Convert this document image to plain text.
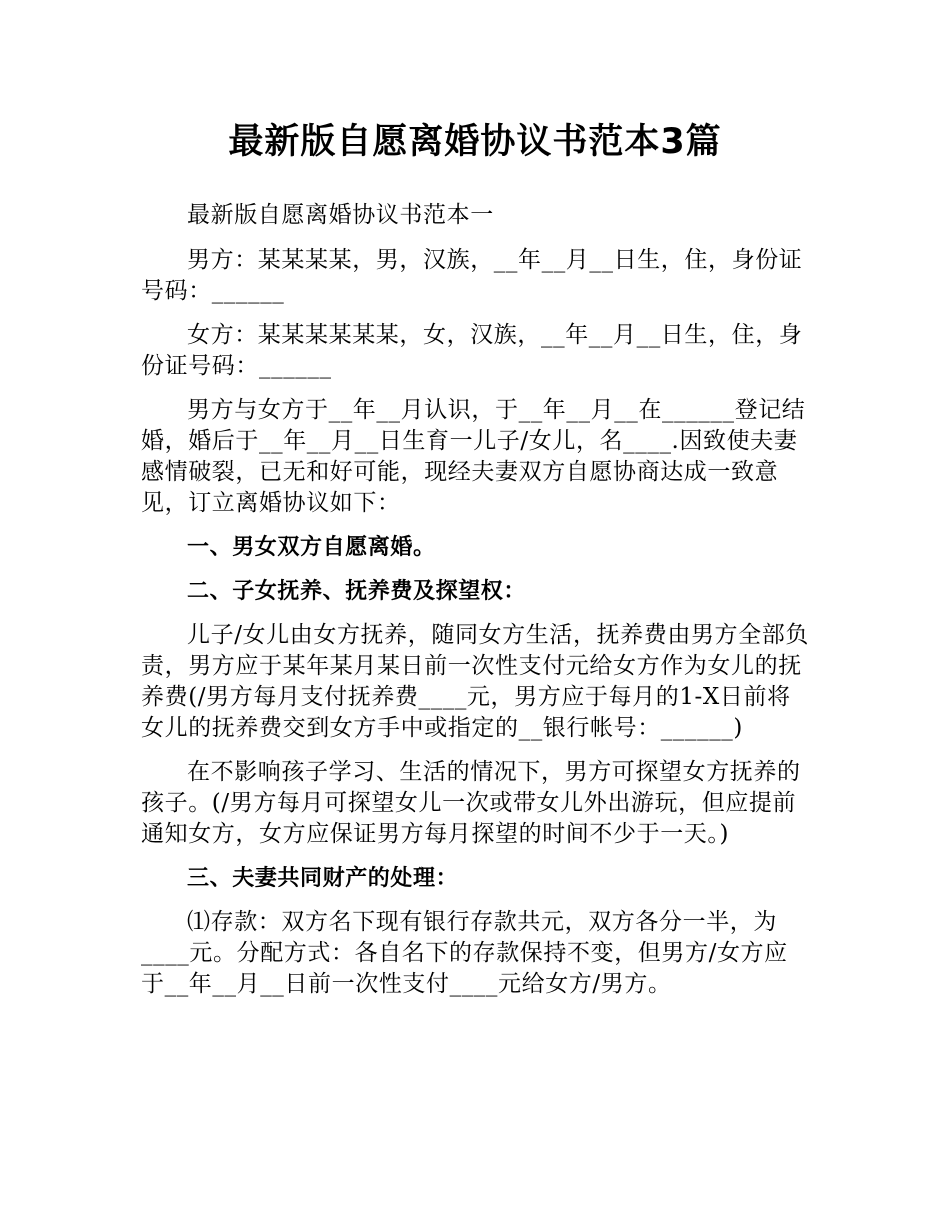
最新版自愿离婚协议书范本3篇

最新版自愿离婚协议书范本一

男方：某某某某，男，汉族，__年__月__日生，住，身份证号码：______

女方：某某某某某某，女，汉族，__年__月__日生，住，身份证号码：______

男方与女方于__年__月认识，于__年__月__在______登记结婚，婚后于__年__月__日生育一儿子/女儿，名____.因致使夫妻感情破裂，已无和好可能，现经夫妻双方自愿协商达成一致意见，订立离婚协议如下：

一、男女双方自愿离婚。

二、子女抚养、抚养费及探望权：

儿子/女儿由女方抚养，随同女方生活，抚养费由男方全部负责，男方应于某年某月某日前一次性支付元给女方作为女儿的抚养费(/男方每月支付抚养费____元，男方应于每月的1-X日前将女儿的抚养费交到女方手中或指定的__银行帐号：______)

在不影响孩子学习、生活的情况下，男方可探望女方抚养的孩子。(/男方每月可探望女儿一次或带女儿外出游玩，但应提前通知女方，女方应保证男方每月探望的时间不少于一天。)

三、夫妻共同财产的处理：

⑴存款：双方名下现有银行存款共元，双方各分一半，为____元。分配方式：各自名下的存款保持不变，但男方/女方应于__年__月__日前一次性支付____元给女方/男方。
